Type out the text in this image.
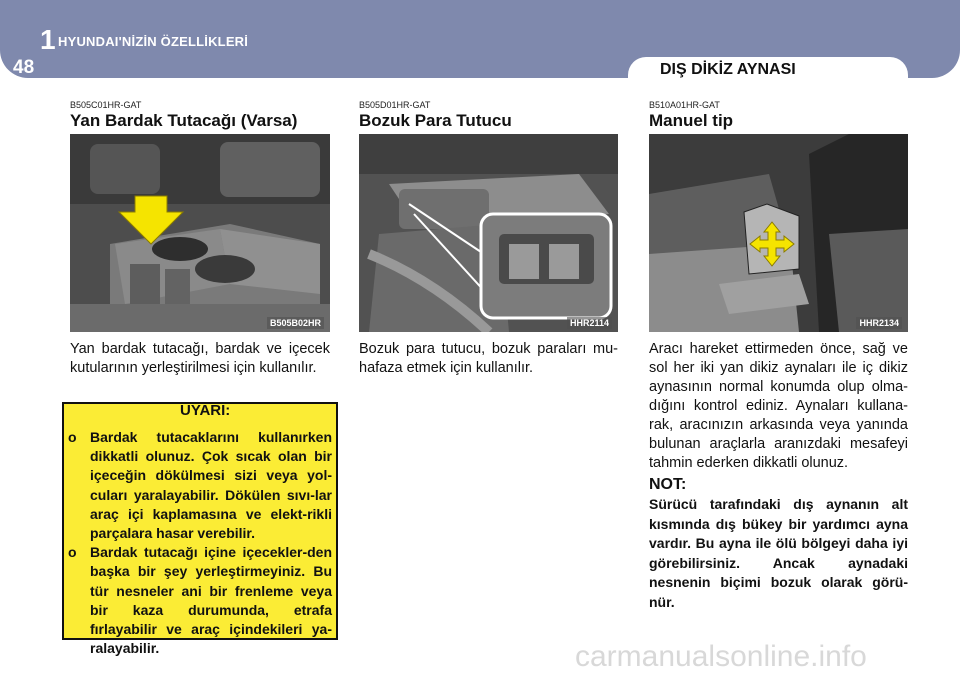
1 HYUNDAI'NİZİN ÖZELLİKLERİ
48	DIŞ DİKİZ AYNASI
B505C01HR-GAT
Yan Bardak Tutacağı (Varsa)
B505B02HR
Yan bardak tutacağı, bardak ve içecek kutularının yerleştirilmesi için kullanılır.
UYARI:
o Bardak tutacaklarını kullanırken dikkatli olunuz. Çok sıcak olan bir içeceğin dökülmesi sizi veya yol-cuları yaralayabilir. Dökülen sıvı-lar araç içi kaplamasına ve elekt-rikli parçalara hasar verebilir.
o Bardak tutacağı içine içecekler-den başka bir şey yerleştirmeyiniz. Bu tür nesneler ani bir frenleme veya bir kaza durumunda, etrafa fırlayabilir ve araç içindekileri ya-ralayabilir.
B505D01HR-GAT
Bozuk Para Tutucu
HHR2114
Bozuk para tutucu, bozuk paraları mu-hafaza etmek için kullanılır.
B510A01HR-GAT
Manuel tip
HHR2134
Aracı hareket ettirmeden önce, sağ ve sol her iki yan dikiz aynaları ile iç dikiz aynasının normal konumda olup olma-dığını kontrol ediniz. Aynaları kullana-rak, aracınızın arkasında veya yanında bulunan araçlarla aranızdaki mesafeyi tahmin ederken dikkatli olunuz.
NOT:
Sürücü tarafındaki dış aynanın alt kısmında dış bükey bir yardımcı ayna vardır. Bu ayna ile ölü bölgeyi daha iyi görebilirsiniz. Ancak aynadaki nesnenin biçimi bozuk olarak görü-nür.
carmanualsonline.info
